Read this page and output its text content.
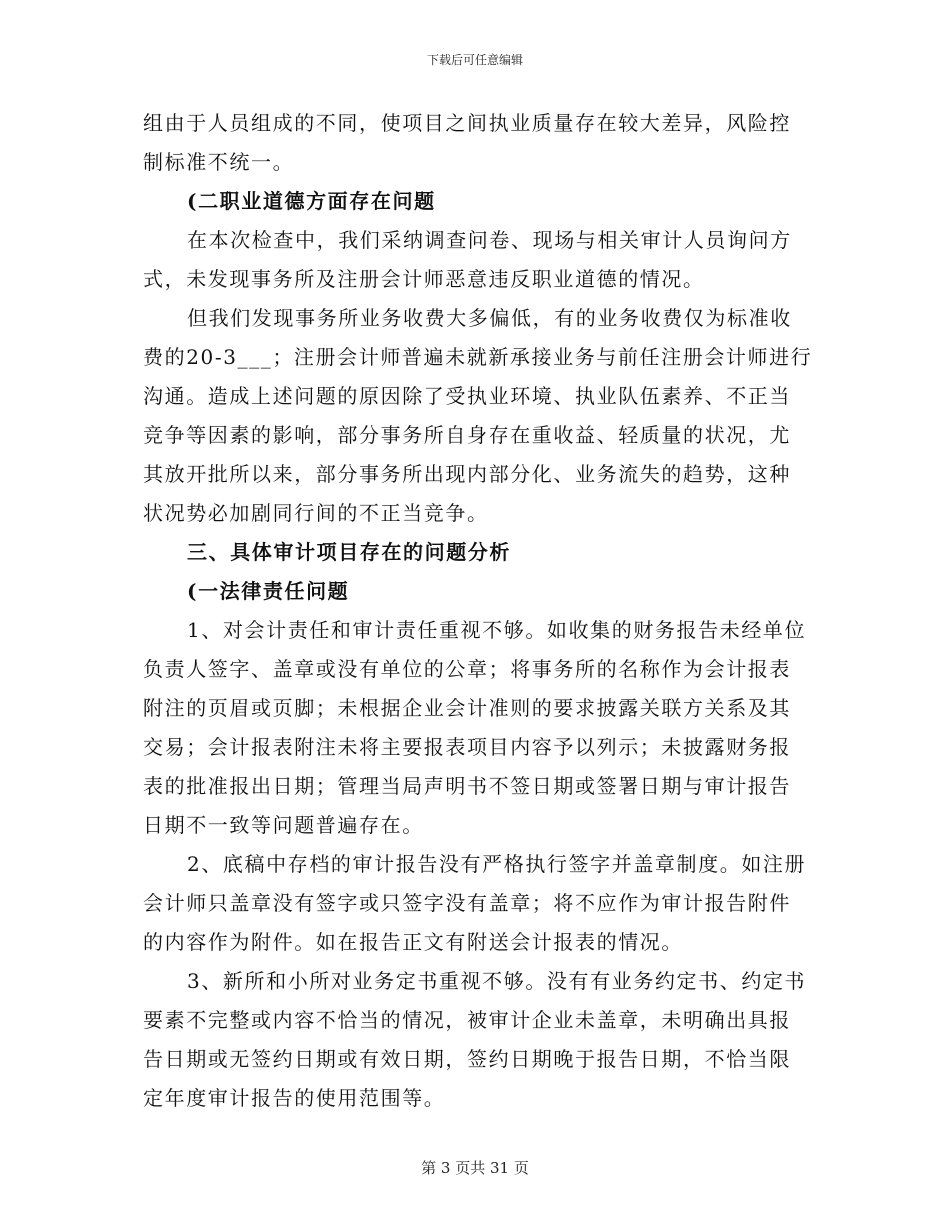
下载后可任意编辑
组由于人员组成的不同，使项目之间执业质量存在较大差异，风险控
制标准不统一。
(二职业道德方面存在问题
在本次检查中，我们采纳调查问卷、现场与相关审计人员询问方
式，未发现事务所及注册会计师恶意违反职业道德的情况。
但我们发现事务所业务收费大多偏低，有的业务收费仅为标准收
费的20-3___；注册会计师普遍未就新承接业务与前任注册会计师进行
沟通。造成上述问题的原因除了受执业环境、执业队伍素养、不正当
竞争等因素的影响，部分事务所自身存在重收益、轻质量的状况，尤
其放开批所以来，部分事务所出现内部分化、业务流失的趋势，这种
状况势必加剧同行间的不正当竞争。
三、具体审计项目存在的问题分析
(一法律责任问题
1、对会计责任和审计责任重视不够。如收集的财务报告未经单位
负责人签字、盖章或没有单位的公章；将事务所的名称作为会计报表
附注的页眉或页脚；未根据企业会计准则的要求披露关联方关系及其
交易；会计报表附注未将主要报表项目内容予以列示；未披露财务报
表的批准报出日期；管理当局声明书不签日期或签署日期与审计报告
日期不一致等问题普遍存在。
2、底稿中存档的审计报告没有严格执行签字并盖章制度。如注册
会计师只盖章没有签字或只签字没有盖章；将不应作为审计报告附件
的内容作为附件。如在报告正文有附送会计报表的情况。
3、新所和小所对业务定书重视不够。没有有业务约定书、约定书
要素不完整或内容不恰当的情况，被审计企业未盖章，未明确出具报
告日期或无签约日期或有效日期，签约日期晚于报告日期，不恰当限
定年度审计报告的使用范围等。
第 3 页共 31 页
